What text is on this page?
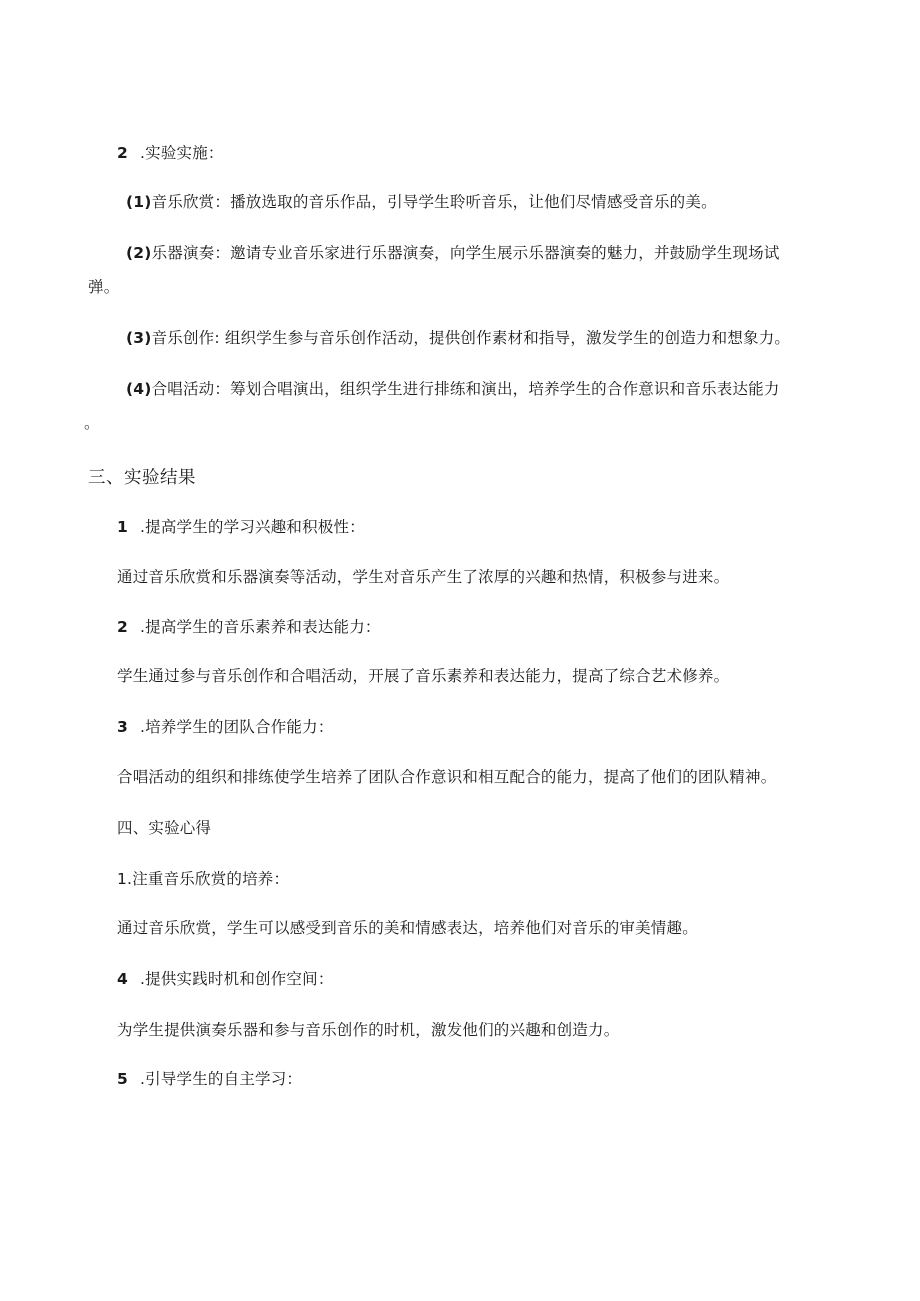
2 .实验实施：
(1)音乐欣赏：播放选取的音乐作品，引导学生聆听音乐，让他们尽情感受音乐的美。
(2)乐器演奏：邀请专业音乐家进行乐器演奏，向学生展示乐器演奏的魅力，并鼓励学生现场试
弹。
(3)音乐创作: 组织学生参与音乐创作活动，提供创作素材和指导，激发学生的创造力和想象力。
(4)合唱活动：筹划合唱演出，组织学生进行排练和演出，培养学生的合作意识和音乐表达能力
。
三、实验结果
1 .提高学生的学习兴趣和积极性：
通过音乐欣赏和乐器演奏等活动，学生对音乐产生了浓厚的兴趣和热情，积极参与进来。
2 .提高学生的音乐素养和表达能力：
学生通过参与音乐创作和合唱活动，开展了音乐素养和表达能力，提高了综合艺术修养。
3 .培养学生的团队合作能力：
合唱活动的组织和排练使学生培养了团队合作意识和相互配合的能力，提高了他们的团队精神。
四、实验心得
1.注重音乐欣赏的培养：
通过音乐欣赏，学生可以感受到音乐的美和情感表达，培养他们对音乐的审美情趣。
4 .提供实践时机和创作空间：
为学生提供演奏乐器和参与音乐创作的时机，激发他们的兴趣和创造力。
5 .引导学生的自主学习：
